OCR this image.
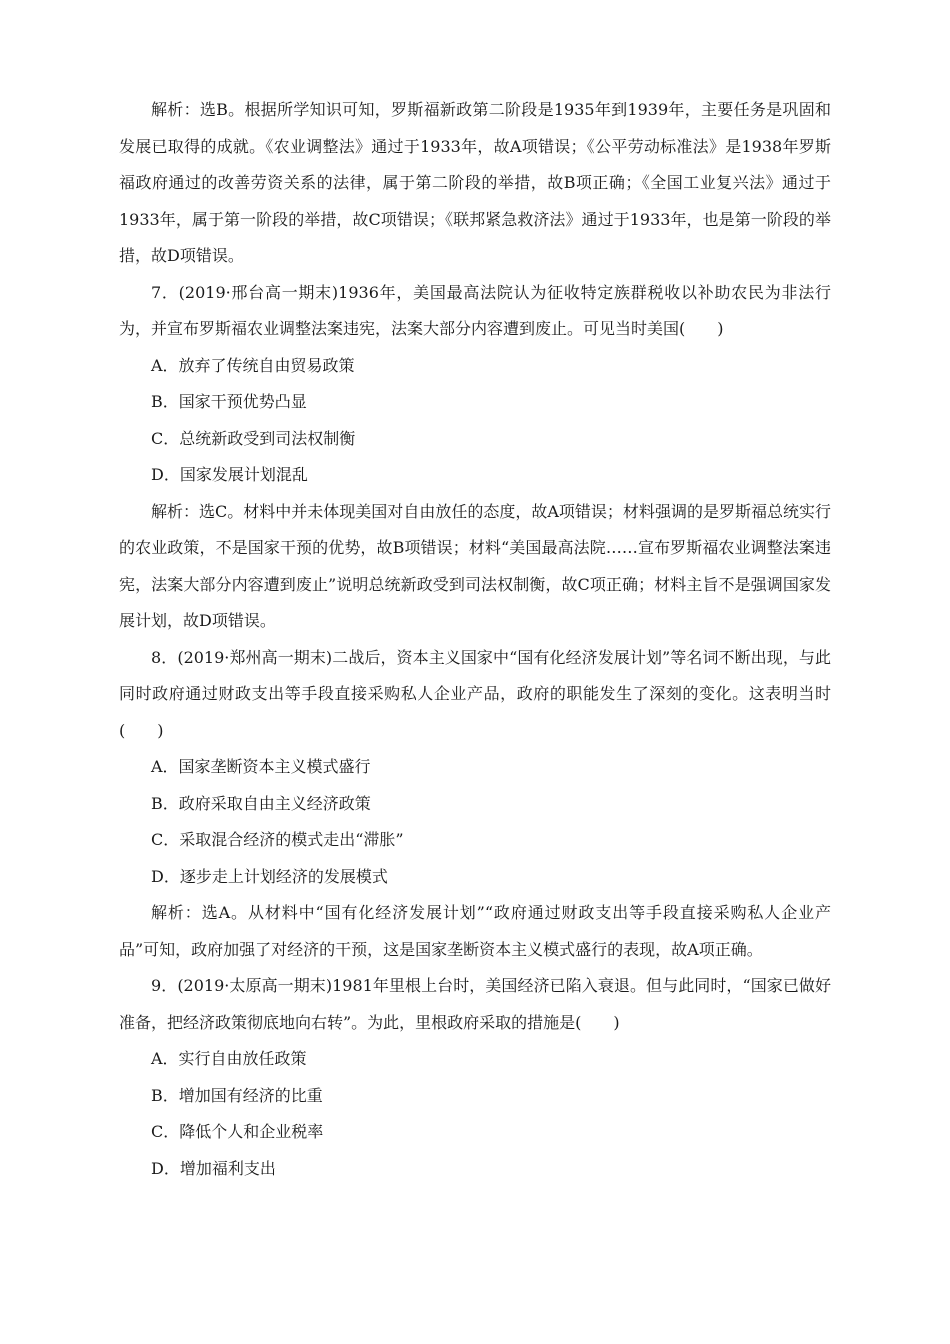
解析：选B。根据所学知识可知，罗斯福新政第二阶段是1935年到1939年，主要任务是巩固和发展已取得的成就。《农业调整法》通过于1933年，故A项错误；《公平劳动标准法》是1938年罗斯福政府通过的改善劳资关系的法律，属于第二阶段的举措，故B项正确；《全国工业复兴法》通过于1933年，属于第一阶段的举措，故C项错误；《联邦紧急救济法》通过于1933年，也是第一阶段的举措，故D项错误。

7．(2019·邢台高一期末)1936年，美国最高法院认为征收特定族群税收以补助农民为非法行为，并宣布罗斯福农业调整法案违宪，法案大部分内容遭到废止。可见当时美国(　　)

A．放弃了传统自由贸易政策

B．国家干预优势凸显

C．总统新政受到司法权制衡

D．国家发展计划混乱

解析：选C。材料中并未体现美国对自由放任的态度，故A项错误；材料强调的是罗斯福总统实行的农业政策，不是国家干预的优势，故B项错误；材料“美国最高法院……宣布罗斯福农业调整法案违宪，法案大部分内容遭到废止”说明总统新政受到司法权制衡，故C项正确；材料主旨不是强调国家发展计划，故D项错误。

8．(2019·郑州高一期末)二战后，资本主义国家中“国有化经济发展计划”等名词不断出现，与此同时政府通过财政支出等手段直接采购私人企业产品，政府的职能发生了深刻的变化。这表明当时(　　)

A．国家垄断资本主义模式盛行

B．政府采取自由主义经济政策

C．采取混合经济的模式走出“滞胀”

D．逐步走上计划经济的发展模式

解析：选A。从材料中“国有化经济发展计划”“政府通过财政支出等手段直接采购私人企业产品”可知，政府加强了对经济的干预，这是国家垄断资本主义模式盛行的表现，故A项正确。

9．(2019·太原高一期末)1981年里根上台时，美国经济已陷入衰退。但与此同时，“国家已做好准备，把经济政策彻底地向右转”。为此，里根政府采取的措施是(　　)

A．实行自由放任政策

B．增加国有经济的比重

C．降低个人和企业税率

D．增加福利支出
